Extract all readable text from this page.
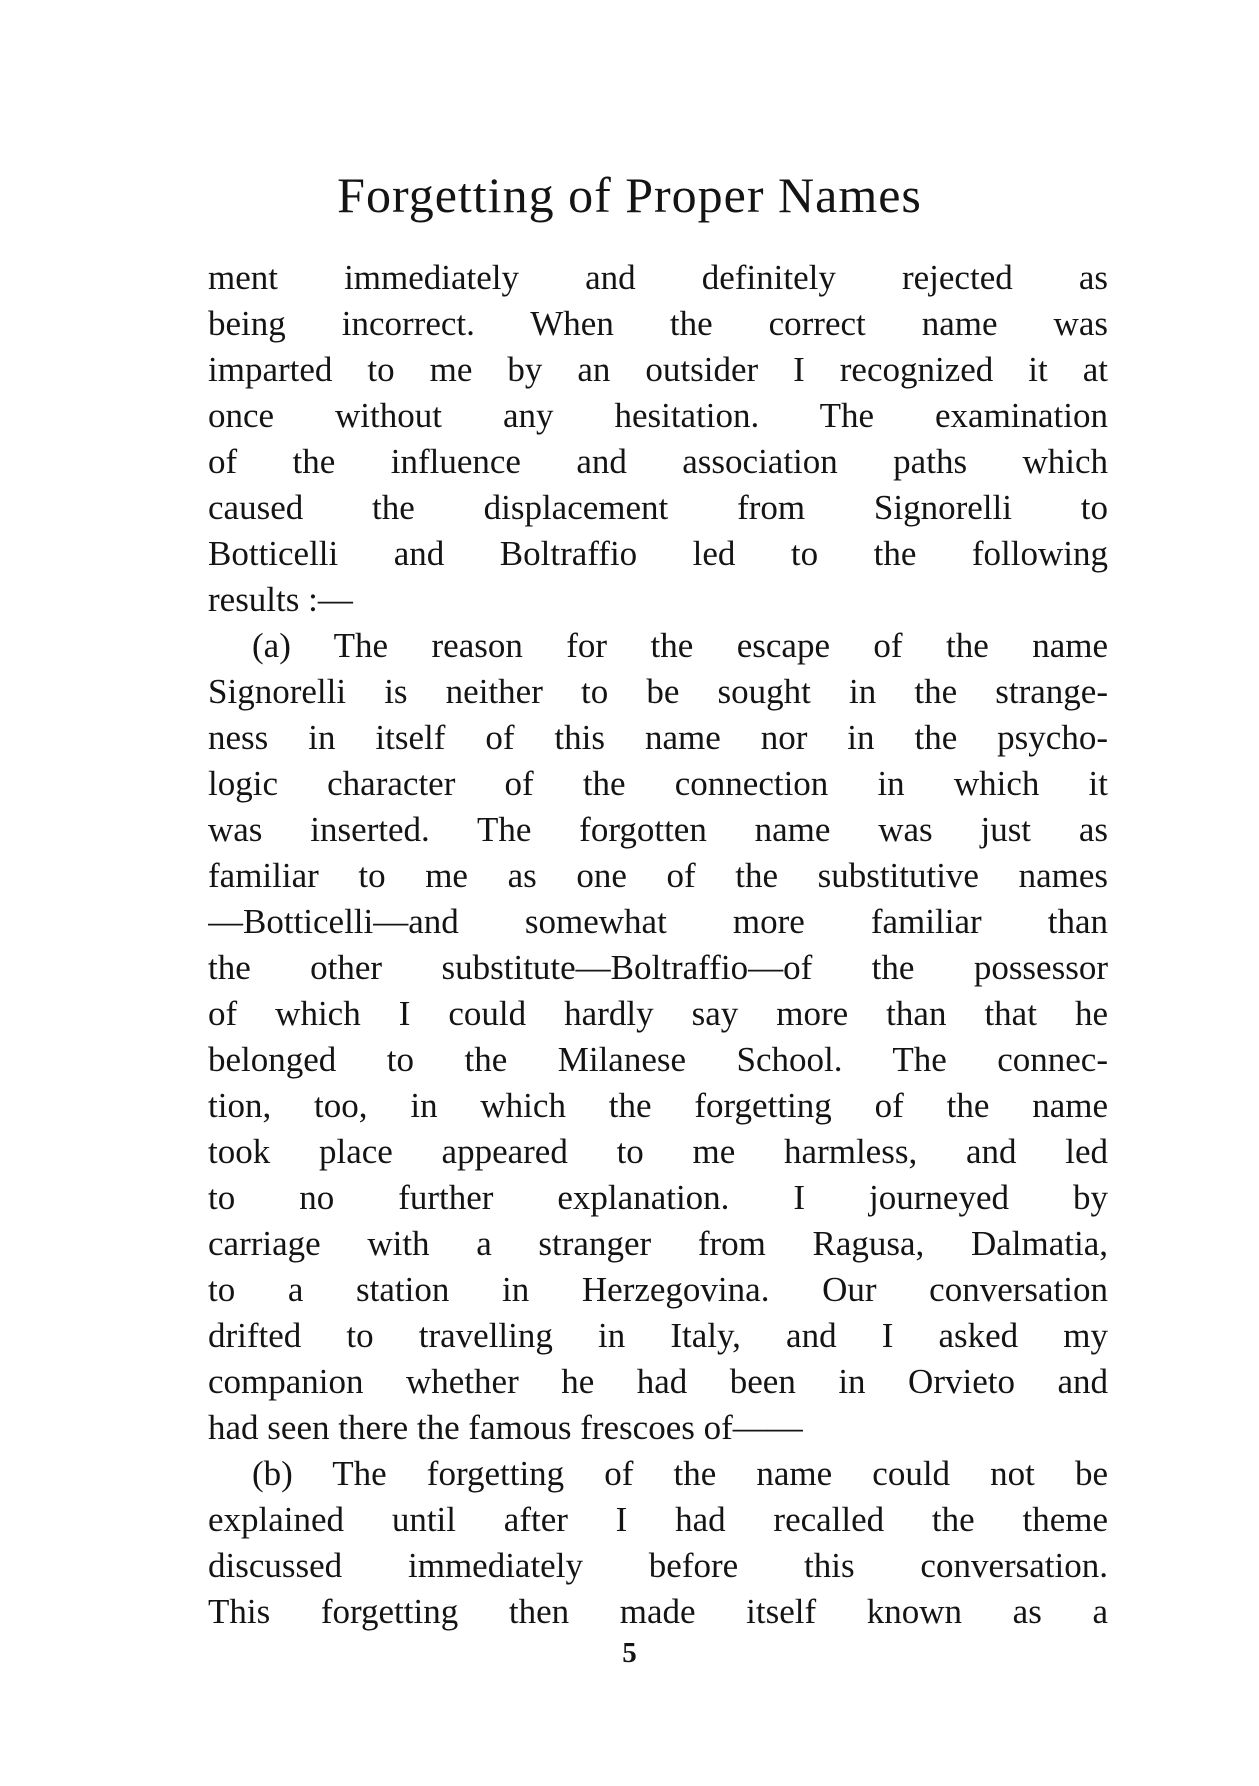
Forgetting of Proper Names
ment immediately and definitely rejected as
being incorrect. When the correct name was
imparted to me by an outsider I recognized it at
once without any hesitation. The examination
of the influence and association paths which
caused the displacement from Signorelli to
Botticelli and Boltraffio led to the following
results :—
(a) The reason for the escape of the name
Signorelli is neither to be sought in the strange-
ness in itself of this name nor in the psycho-
logic character of the connection in which it
was inserted. The forgotten name was just as
familiar to me as one of the substitutive names
—Botticelli—and somewhat more familiar than
the other substitute—Boltraffio—of the possessor
of which I could hardly say more than that he
belonged to the Milanese School. The connec-
tion, too, in which the forgetting of the name
took place appeared to me harmless, and led
to no further explanation. I journeyed by
carriage with a stranger from Ragusa, Dalmatia,
to a station in Herzegovina. Our conversation
drifted to travelling in Italy, and I asked my
companion whether he had been in Orvieto and
had seen there the famous frescoes of——
(b) The forgetting of the name could not be
explained until after I had recalled the theme
discussed immediately before this conversation.
This forgetting then made itself known as a
5
